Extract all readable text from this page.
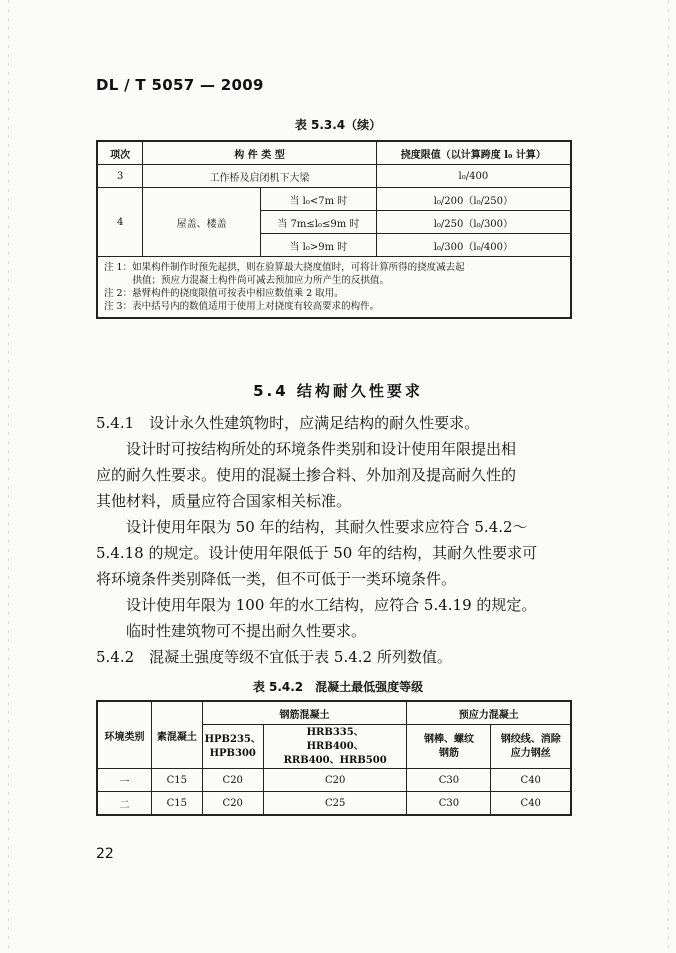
DL / T 5057 — 2009
表 5.3.4（续）
项次	构 件 类 型		挠度限值（以计算跨度 l₀ 计算）
3	工作桥及启闭机下大梁		l₀/400
4	屋盖、楼盖	当 l₀<7m 时	l₀/200（l₀/250）
		当 7m≤l₀≤9m 时	l₀/250（l₀/300）
		当 l₀>9m 时	l₀/300（l₀/400）

注 1：如果构件制作时预先起拱，则在验算最大挠度值时，可将计算所得的挠度减去起
　　　拱值；预应力混凝土构件尚可减去预加应力所产生的反拱值。
注 2：悬臂构件的挠度限值可按表中相应数值乘 2 取用。
注 3：表中括号内的数值适用于使用上对挠度有较高要求的构件。			
5.4 结构耐久性要求
5.4.1　设计永久性建筑物时，应满足结构的耐久性要求。
设计时可按结构所处的环境条件类别和设计使用年限提出相
应的耐久性要求。使用的混凝土掺合料、外加剂及提高耐久性的
其他材料，质量应符合国家相关标准。
设计使用年限为 50 年的结构，其耐久性要求应符合 5.4.2～
5.4.18 的规定。设计使用年限低于 50 年的结构，其耐久性要求可
将环境条件类别降低一类，但不可低于一类环境条件。
设计使用年限为 100 年的水工结构，应符合 5.4.19 的规定。
临时性建筑物可不提出耐久性要求。
5.4.2　混凝土强度等级不宜低于表 5.4.2 所列数值。
表 5.4.2　混凝土最低强度等级
环境类别	素混凝土	钢筋混凝土		预应力混凝土	
		HPB235、HPB300	HRB335、HRB400、RRB400、HRB500	钢棒、螺纹钢筋	钢绞线、消除应力钢丝
一	C15	C20	C20	C30	C40
二	C15	C20	C25	C30	C40
22
